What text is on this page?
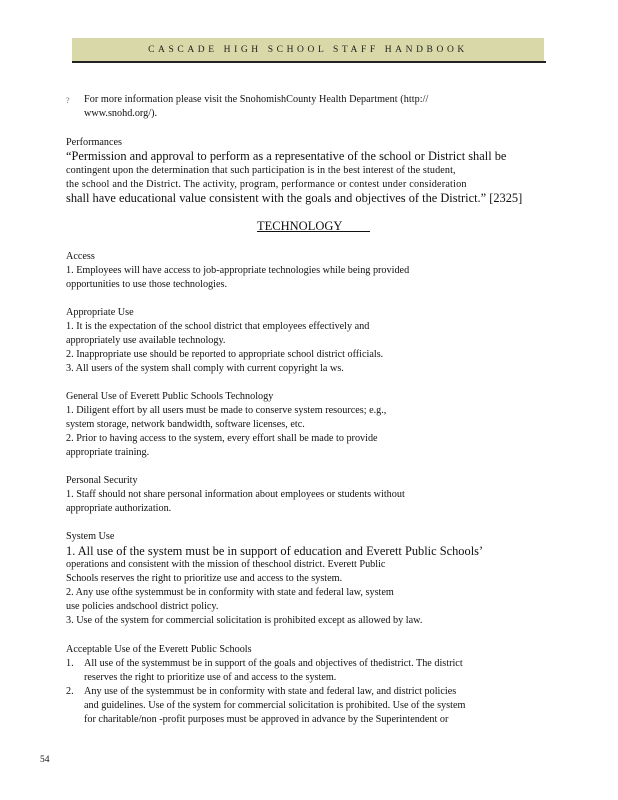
CASCADE HIGH SCHOOL STAFF HANDBOOK
? For more information please visit the SnohomishCounty Health Department (http://
www.snohd.org/).
Performances
“Permission and approval to perform as a representative of the school or District shall be
contingent upon the determination that such participation is in the best interest of the student,
the school and the District. The activity, program, performance or contest under consideration
shall have educational value consistent with the goals and objectives of the District.” [2325]
TECHNOLOGY
Access
1. Employees will have access to job-appropriate technologies while being provided
opportunities to use those technologies.
Appropriate Use
1. It is the expectation of the school district that employees effectively and
appropriately use available technology.
2. Inappropriate use should be reported to appropriate school district officials.
3. All users of the system shall comply with current copyright la ws.
General Use of Everett Public Schools Technology
1. Diligent effort by all users must be made to conserve system resources; e.g.,
system storage, network bandwidth, software licenses, etc.
2. Prior to having access to the system, every effort shall be made to provide
appropriate training.
Personal Security
1. Staff should not share personal information about employees or students without
appropriate authorization.
System Use
1. All use of the system must be in support of education and Everett Public Schools’
operations and consistent with the mission of theschool district. Everett Public
Schools reserves the right to prioritize use and access to the system.
2. Any use ofthe systemmust be in conformity with state and federal law, system
use policies andschool district policy.
3. Use of the system for commercial solicitation is prohibited except as allowed by law.
Acceptable Use of the Everett Public Schools
1. All use of the systemmust be in support of the goals and objectives of thedistrict. The district
reserves the right to prioritize use of and access to the system.
2. Any use of the systemmust be in conformity with state and federal law, and district policies
and guidelines. Use of the system for commercial solicitation is prohibited. Use of the system
for charitable/non -profit purposes must be approved in advance by the Superintendent or
54
